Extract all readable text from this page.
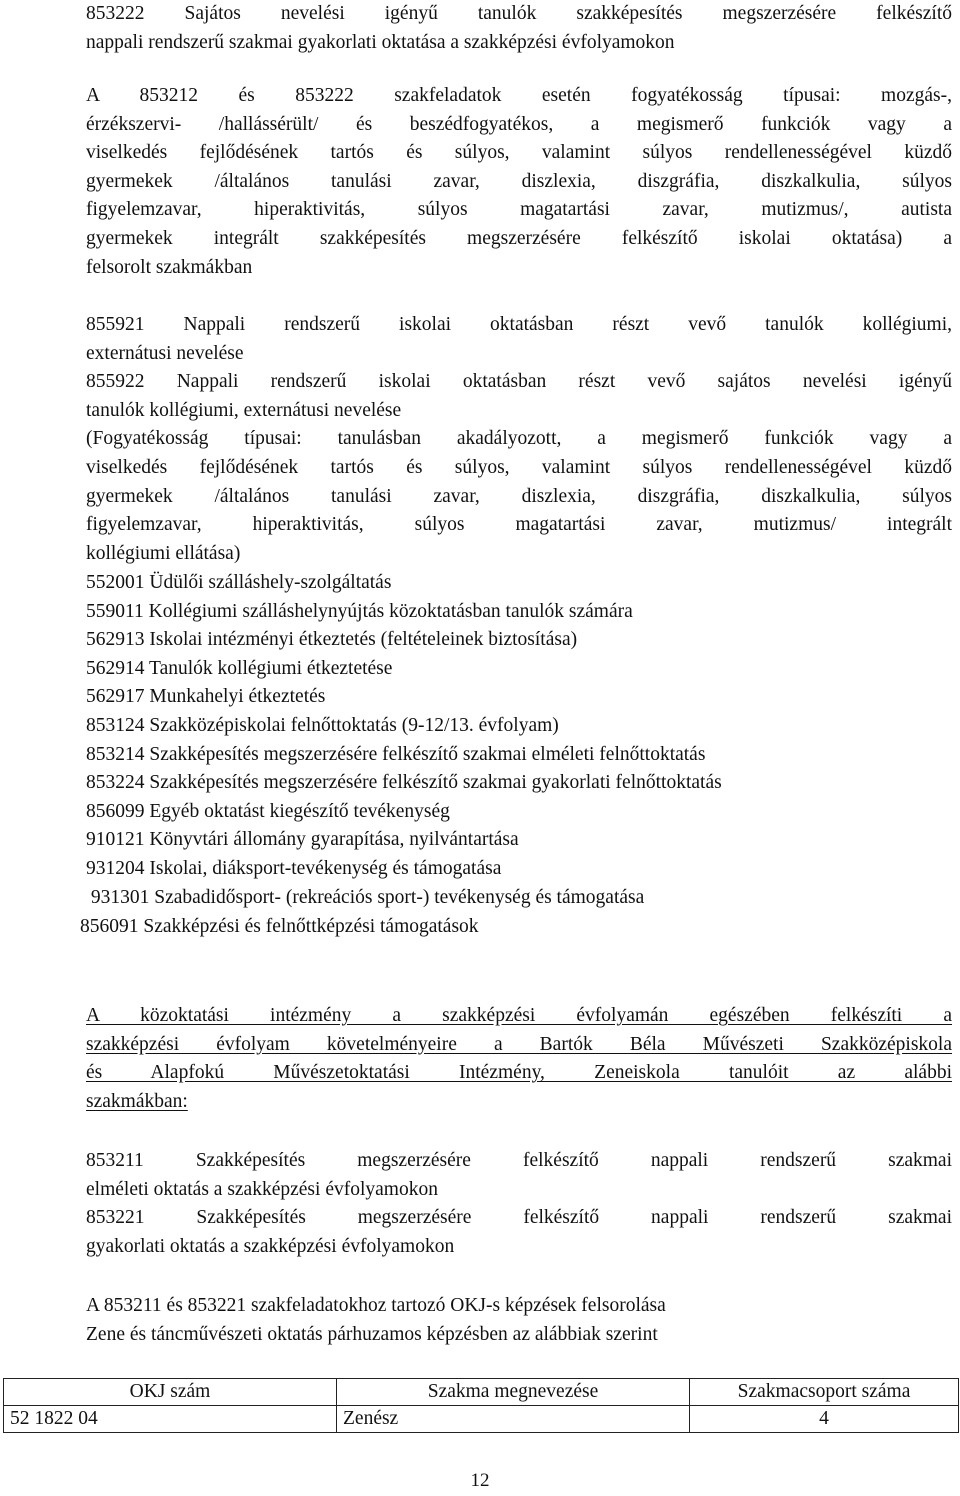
853222 Sajátos nevelési igényű tanulók szakképesítés megszerzésére felkészítő
nappali rendszerű szakmai gyakorlati oktatása a szakképzési évfolyamokon
A 853212 és 853222 szakfeladatok esetén fogyatékosság típusai: mozgás-,
érzékszervi- /hallássérült/ és beszédfogyatékos, a megismerő funkciók vagy a
viselkedés fejlődésének tartós és súlyos, valamint súlyos rendellenességével küzdő
gyermekek /általános tanulási zavar, diszlexia, diszgráfia, diszkalkulia, súlyos
figyelemzavar, hiperaktivitás, súlyos magatartási zavar, mutizmus/, autista
gyermekek integrált szakképesítés megszerzésére felkészítő iskolai oktatása) a
felsorolt szakmákban
855921 Nappali rendszerű iskolai oktatásban részt vevő tanulók kollégiumi,
externátusi nevelése
855922 Nappali rendszerű iskolai oktatásban részt vevő sajátos nevelési igényű
tanulók kollégiumi, externátusi nevelése
(Fogyatékosság típusai: tanulásban akadályozott, a megismerő funkciók vagy a
viselkedés fejlődésének tartós és súlyos, valamint súlyos rendellenességével küzdő
gyermekek /általános tanulási zavar, diszlexia, diszgráfia, diszkalkulia, súlyos
figyelemzavar, hiperaktivitás, súlyos magatartási zavar, mutizmus/ integrált
kollégiumi ellátása)
552001 Üdülői szálláshely-szolgáltatás
559011 Kollégiumi szálláshelynyújtás közoktatásban tanulók számára
562913 Iskolai intézményi étkeztetés (feltételeinek biztosítása)
562914 Tanulók kollégiumi étkeztetése
562917 Munkahelyi étkeztetés
853124 Szakközépiskolai felnőttoktatás (9-12/13. évfolyam)
853214 Szakképesítés megszerzésére felkészítő szakmai elméleti felnőttoktatás
853224 Szakképesítés megszerzésére felkészítő szakmai gyakorlati felnőttoktatás
856099 Egyéb oktatást kiegészítő tevékenység
910121 Könyvtári állomány gyarapítása, nyilvántartása
931204 Iskolai, diáksport-tevékenység és támogatása
931301 Szabadidősport- (rekreációs sport-) tevékenység és támogatása
856091 Szakképzési és felnőttképzési támogatások
A közoktatási intézmény a szakképzési évfolyamán egészében felkészíti a
szakképzési évfolyam követelményeire a Bartók Béla Művészeti Szakközépiskola
és Alapfokú Művészetoktatási Intézmény, Zeneiskola tanulóit az alábbi
szakmákban:
853211 Szakképesítés megszerzésére felkészítő nappali rendszerű szakmai
elméleti oktatás a szakképzési évfolyamokon
853221 Szakképesítés megszerzésére felkészítő nappali rendszerű szakmai
gyakorlati oktatás a szakképzési évfolyamokon
A 853211 és 853221 szakfeladatokhoz tartozó OKJ-s képzések felsorolása
Zene és táncművészeti oktatás párhuzamos képzésben az alábbiak szerint
OKJ szám	Szakma megnevezése	Szakmacsoport száma
52 1822 04	Zenész	4
12
